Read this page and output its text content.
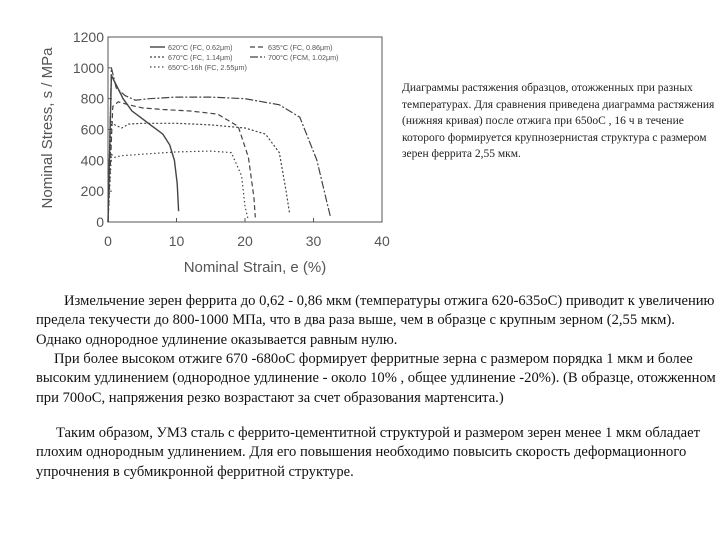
0	10	20	30	40
0
200
400
600
800
1000
1200
620°C (FC, 0.62μm)	635°C (FC, 0.86μm)
670°C (FC, 1.14μm)	700°C (FCM, 1.02μm)
650°C-16h (FC, 2.55μm)
Nominal Stress, s / MPa
Nominal Strain, e (%)
Диаграммы растяжения образцов, отожженных при разных температурах. Для сравнения приведена диаграмма растяжения (нижняя кривая) после отжига при 650oC , 16 ч в течение которого формируется крупнозернистая структура с размером зерен феррита 2,55 мкм.

Измельчение зерен феррита до 0,62 - 0,86 мкм (температуры отжига 620-635oC) приводит к увеличению предела текучести до 800-1000 МПа, что в два раза выше, чем в образце с крупным зерном (2,55 мкм). Однако однородное удлинение оказывается равным нулю.

При более высоком отжиге 670 -680oC формирует ферритные зерна с размером порядка 1 мкм и более высоким удлинением (однородное удлинение - около 10% , общее удлинение -20%). (В образце, отожженном при 700oC, напряжения резко возрастают за счет образования мартенсита.)

Таким образом, УМЗ сталь с феррито-цементитной структурой и размером зерен менее 1 мкм обладает плохим однородным удлинением. Для его повышения необходимо повысить скорость деформационного упрочнения в субмикронной ферритной структуре.
